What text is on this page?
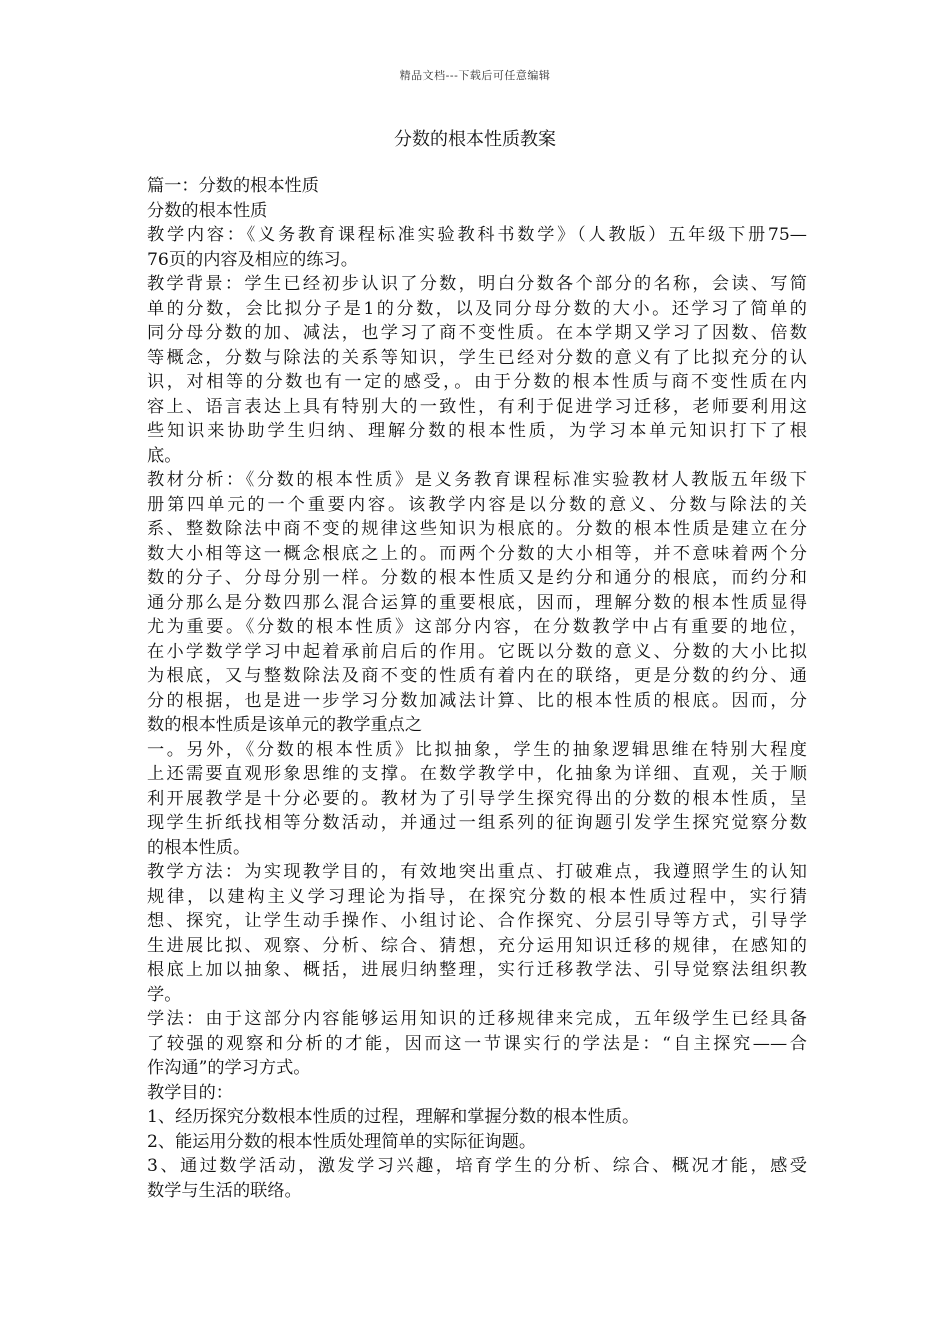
精品文档---下载后可任意编辑
分数的根本性质教案
篇一：分数的根本性质
分数的根本性质
教学内容：《义务教育课程标准实验教科书数学》（人教版）五年级下册75—
76页的内容及相应的练习。
教学背景：学生已经初步认识了分数，明白分数各个部分的名称，会读、写简
单的分数，会比拟分子是1的分数，以及同分母分数的大小。还学习了简单的
同分母分数的加、减法，也学习了商不变性质。在本学期又学习了因数、倍数
等概念，分数与除法的关系等知识，学生已经对分数的意义有了比拟充分的认
识，对相等的分数也有一定的感受，。由于分数的根本性质与商不变性质在内
容上、语言表达上具有特别大的一致性，有利于促进学习迁移，老师要利用这
些知识来协助学生归纳、理解分数的根本性质，为学习本单元知识打下了根
底。
教材分析：《分数的根本性质》是义务教育课程标准实验教材人教版五年级下
册第四单元的一个重要内容。该教学内容是以分数的意义、分数与除法的关
系、整数除法中商不变的规律这些知识为根底的。分数的根本性质是建立在分
数大小相等这一概念根底之上的。而两个分数的大小相等，并不意味着两个分
数的分子、分母分别一样。分数的根本性质又是约分和通分的根底，而约分和
通分那么是分数四那么混合运算的重要根底，因而，理解分数的根本性质显得
尤为重要。《分数的根本性质》这部分内容，在分数教学中占有重要的地位，
在小学数学学习中起着承前启后的作用。它既以分数的意义、分数的大小比拟
为根底，又与整数除法及商不变的性质有着内在的联络，更是分数的约分、通
分的根据，也是进一步学习分数加减法计算、比的根本性质的根底。因而，分
数的根本性质是该单元的教学重点之
一。另外，《分数的根本性质》比拟抽象，学生的抽象逻辑思维在特别大程度
上还需要直观形象思维的支撑。在数学教学中，化抽象为详细、直观，关于顺
利开展教学是十分必要的。教材为了引导学生探究得出的分数的根本性质，呈
现学生折纸找相等分数活动，并通过一组系列的征询题引发学生探究觉察分数
的根本性质。
教学方法：为实现教学目的，有效地突出重点、打破难点，我遵照学生的认知
规律，以建构主义学习理论为指导，在探究分数的根本性质过程中，实行猜
想、探究，让学生动手操作、小组讨论、合作探究、分层引导等方式，引导学
生进展比拟、观察、分析、综合、猜想，充分运用知识迁移的规律，在感知的
根底上加以抽象、概括，进展归纳整理，实行迁移教学法、引导觉察法组织教
学。
学法：由于这部分内容能够运用知识的迁移规律来完成，五年级学生已经具备
了较强的观察和分析的才能，因而这一节课实行的学法是：“自主探究——合
作沟通”的学习方式。
教学目的：
1、经历探究分数根本性质的过程，理解和掌握分数的根本性质。
2、能运用分数的根本性质处理简单的实际征询题。
3、通过数学活动，激发学习兴趣，培育学生的分析、综合、概况才能，感受
数学与生活的联络。
